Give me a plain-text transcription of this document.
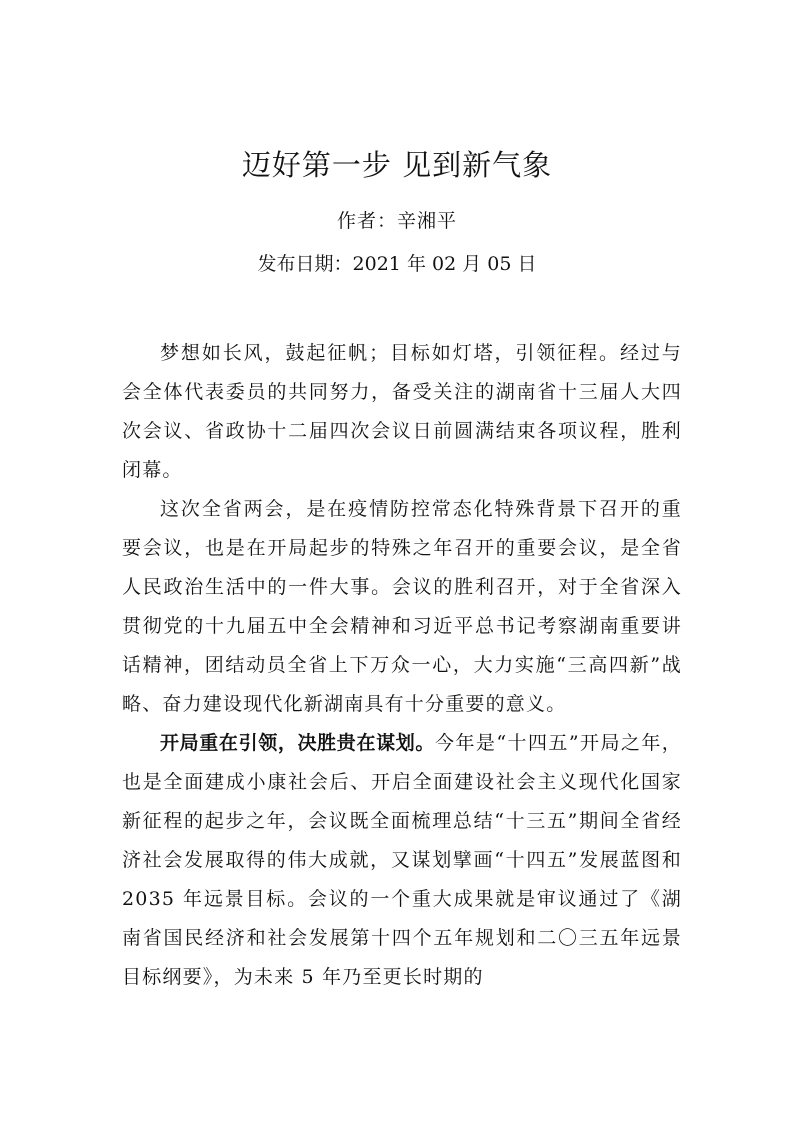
迈好第一步 见到新气象
作者：辛湘平
发布日期：2021 年 02 月 05 日

梦想如长风，鼓起征帆；目标如灯塔，引领征程。经过与会全体代表委员的共同努力，备受关注的湖南省十三届人大四次会议、省政协十二届四次会议日前圆满结束各项议程，胜利闭幕。

这次全省两会，是在疫情防控常态化特殊背景下召开的重要会议，也是在开局起步的特殊之年召开的重要会议，是全省人民政治生活中的一件大事。会议的胜利召开，对于全省深入贯彻党的十九届五中全会精神和习近平总书记考察湖南重要讲话精神，团结动员全省上下万众一心，大力实施“三高四新”战略、奋力建设现代化新湖南具有十分重要的意义。

开局重在引领，决胜贵在谋划。今年是“十四五”开局之年，也是全面建成小康社会后、开启全面建设社会主义现代化国家新征程的起步之年，会议既全面梳理总结“十三五”期间全省经济社会发展取得的伟大成就，又谋划擘画“十四五”发展蓝图和 2035 年远景目标。会议的一个重大成果就是审议通过了《湖南省国民经济和社会发展第十四个五年规划和二〇三五年远景目标纲要》，为未来 5 年乃至更长时期的
